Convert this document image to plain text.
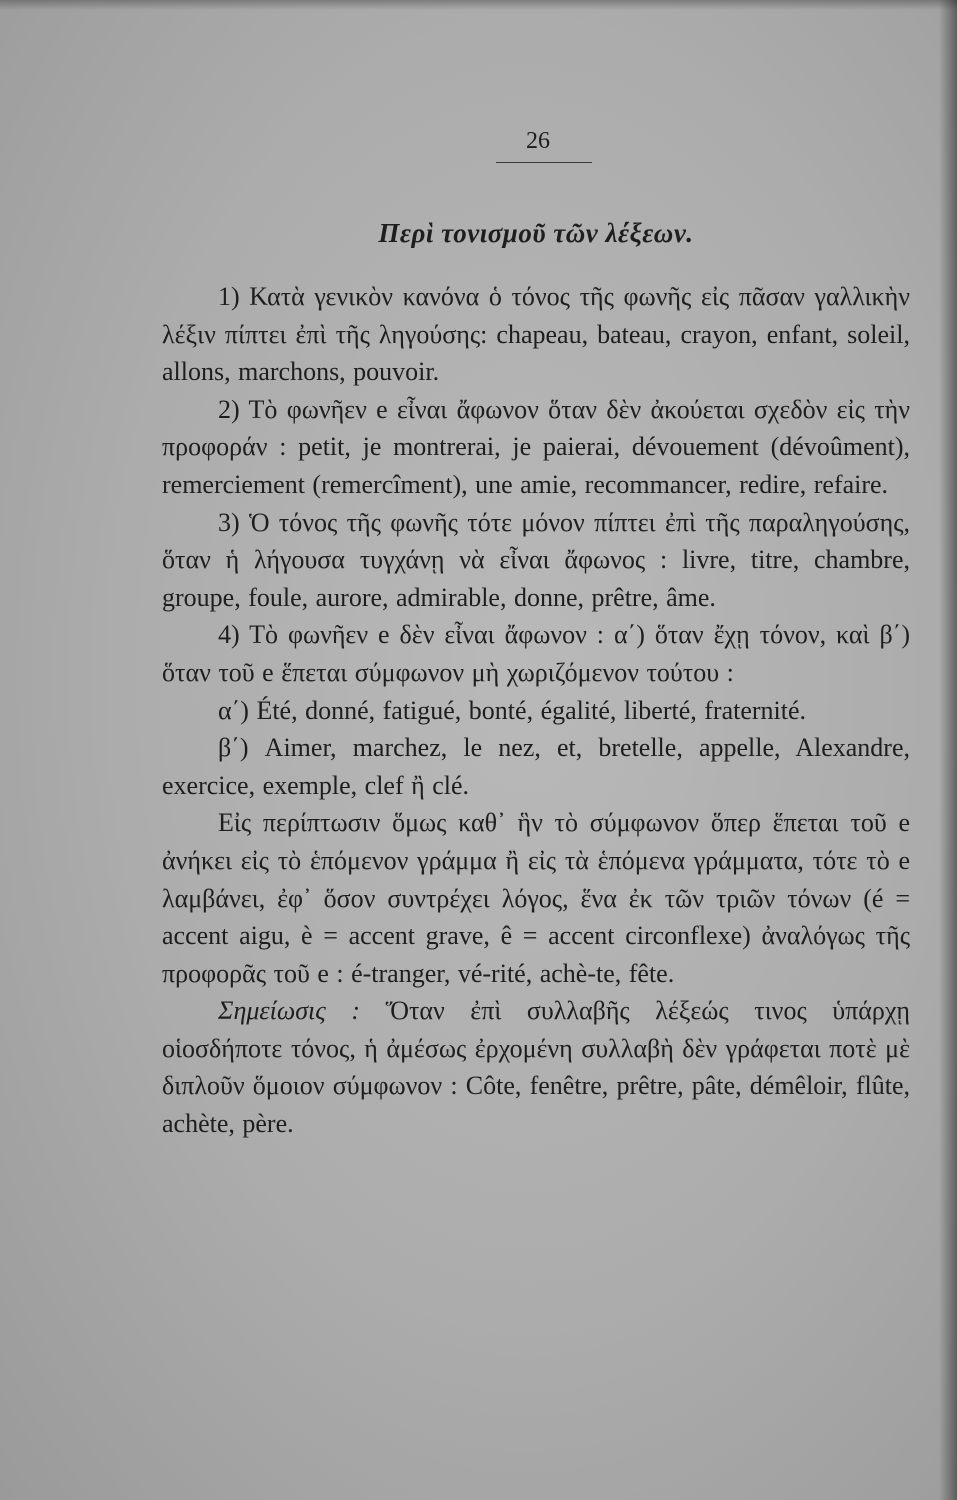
26
Περὶ τονισμοῦ τῶν λέξεων.

1) Κατὰ γενικὸν κανόνα ὁ τόνος τῆς φωνῆς εἰς πᾶσαν γαλλικὴν λέξιν πίπτει ἐπὶ τῆς ληγούσης: chapeau, bateau, crayon, enfant, soleil, allons, marchons, pouvoir.

2) Τὸ φωνῆεν e εἶναι ἄφωνον ὅταν δὲν ἀκούεται σχεδὸν εἰς τὴν προφοράν : petit, je montrerai, je paierai, dévouement (dévoûment), remerciement (remercîment), une amie, recommancer, redire, refaire.

3) Ὁ τόνος τῆς φωνῆς τότε μόνον πίπτει ἐπὶ τῆς παραληγούσης, ὅταν ἡ λήγουσα τυγχάνῃ νὰ εἶναι ἄφωνος : livre, titre, chambre, groupe, foule, aurore, admirable, donne, prêtre, âme.

4) Τὸ φωνῆεν e δὲν εἶναι ἄφωνον : α΄) ὅταν ἔχῃ τόνον, καὶ β΄) ὅταν τοῦ e ἕπεται σύμφωνον μὴ χωριζόμενον τούτου :

α΄) Été, donné, fatigué, bonté, égalité, liberté, fraternité.

β΄) Aimer, marchez, le nez, et, bretelle, appelle, Alexandre, exercice, exemple, clef ἢ clé.

Εἰς περίπτωσιν ὅμως καθ᾽ ἣν τὸ σύμφωνον ὅπερ ἕπεται τοῦ e ἀνήκει εἰς τὸ ἑπόμενον γράμμα ἢ εἰς τὰ ἑπόμενα γράμματα, τότε τὸ e λαμβάνει, ἐφ᾽ ὅσον συντρέχει λόγος, ἕνα ἐκ τῶν τριῶν τόνων (é = accent aigu, è = accent grave, ê = accent circonflexe) ἀναλόγως τῆς προφορᾶς τοῦ e : é-tranger, vé-rité, achè-te, fête.

Σημείωσις : Ὅταν ἐπὶ συλλαβῆς λέξεώς τινος ὑπάρχῃ οἱοσδήποτε τόνος, ἡ ἀμέσως ἐρχομένη συλλαβὴ δὲν γράφεται ποτὲ μὲ διπλοῦν ὅμοιον σύμφωνον : Côte, fenêtre, prêtre, pâte, démêloir, flûte, achète, père.
